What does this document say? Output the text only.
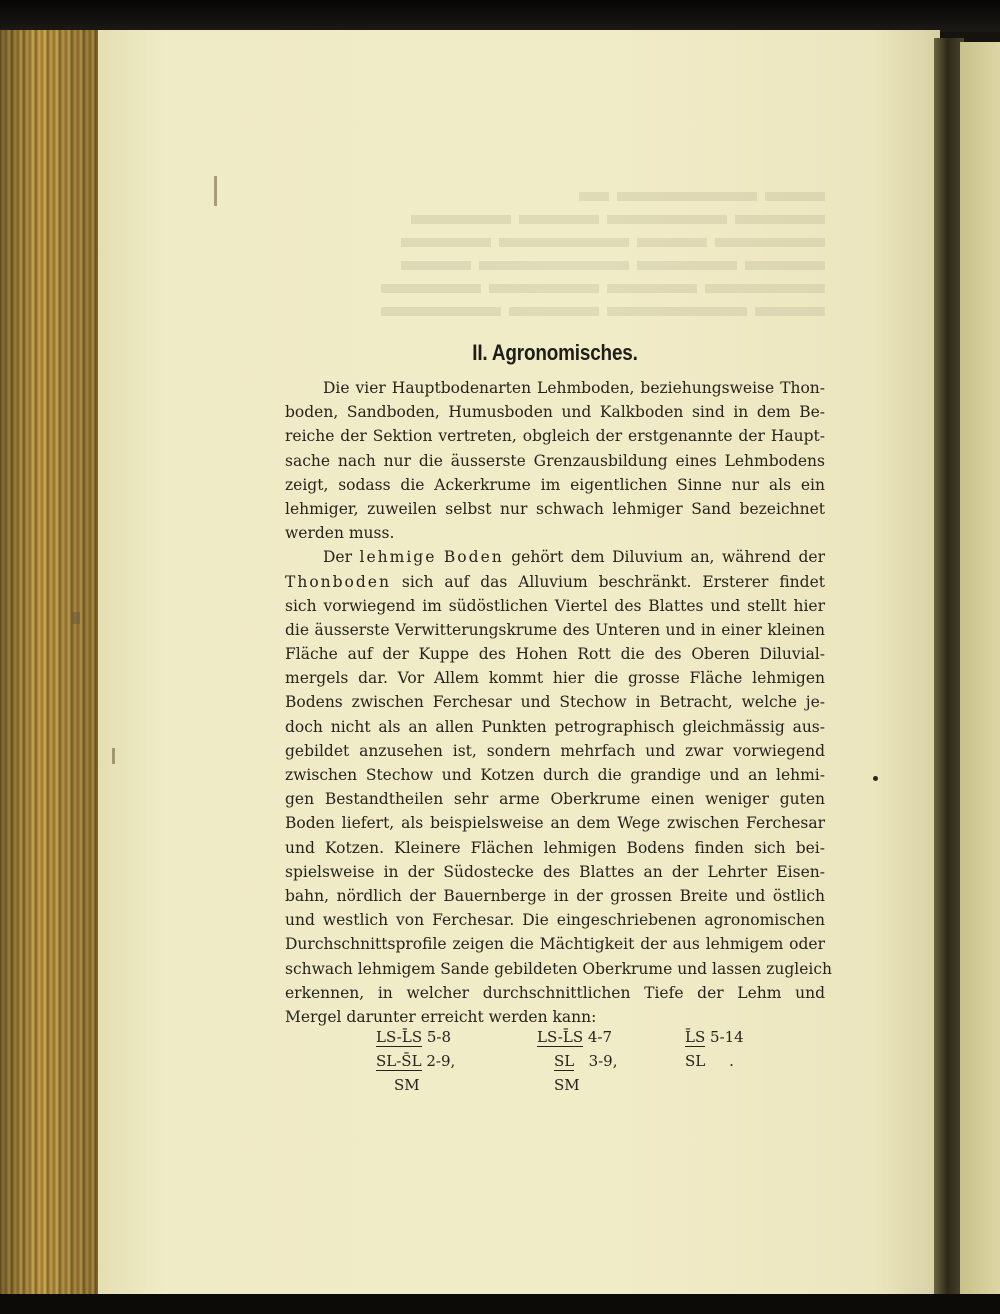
II. Agronomisches.
Die vier Hauptbodenarten Lehmboden, beziehungsweise Thon-
boden, Sandboden, Humusboden und Kalkboden sind in dem Be-
reiche der Sektion vertreten, obgleich der erstgenannte der Haupt-
sache nach nur die äusserste Grenzausbildung eines Lehmbodens
zeigt, sodass die Ackerkrume im eigentlichen Sinne nur als ein
lehmiger, zuweilen selbst nur schwach lehmiger Sand bezeichnet
werden muss.
Der lehmige Boden gehört dem Diluvium an, während der
Thonboden sich auf das Alluvium beschränkt. Ersterer findet
sich vorwiegend im südöstlichen Viertel des Blattes und stellt hier
die äusserste Verwitterungskrume des Unteren und in einer kleinen
Fläche auf der Kuppe des Hohen Rott die des Oberen Diluvial-
mergels dar. Vor Allem kommt hier die grosse Fläche lehmigen
Bodens zwischen Ferchesar und Stechow in Betracht, welche je-
doch nicht als an allen Punkten petrographisch gleichmässig aus-
gebildet anzusehen ist, sondern mehrfach und zwar vorwiegend
zwischen Stechow und Kotzen durch die grandige und an lehmi-
gen Bestandtheilen sehr arme Oberkrume einen weniger guten
Boden liefert, als beispielsweise an dem Wege zwischen Ferchesar
und Kotzen. Kleinere Flächen lehmigen Bodens finden sich bei-
spielsweise in der Südostecke des Blattes an der Lehrter Eisen-
bahn, nördlich der Bauernberge in der grossen Breite und östlich
und westlich von Ferchesar. Die eingeschriebenen agronomischen
Durchschnittsprofile zeigen die Mächtigkeit der aus lehmigem oder
schwach lehmigem Sande gebildeten Oberkrume und lassen zugleich
erkennen, in welcher durchschnittlichen Tiefe der Lehm und
Mergel darunter erreicht werden kann:
LS-L̄S 5-8
SL-S̄L 2-9,
SM
LS-L̄S 4-7
SL 3-9,
SM
L̄S 5-14
SL .
